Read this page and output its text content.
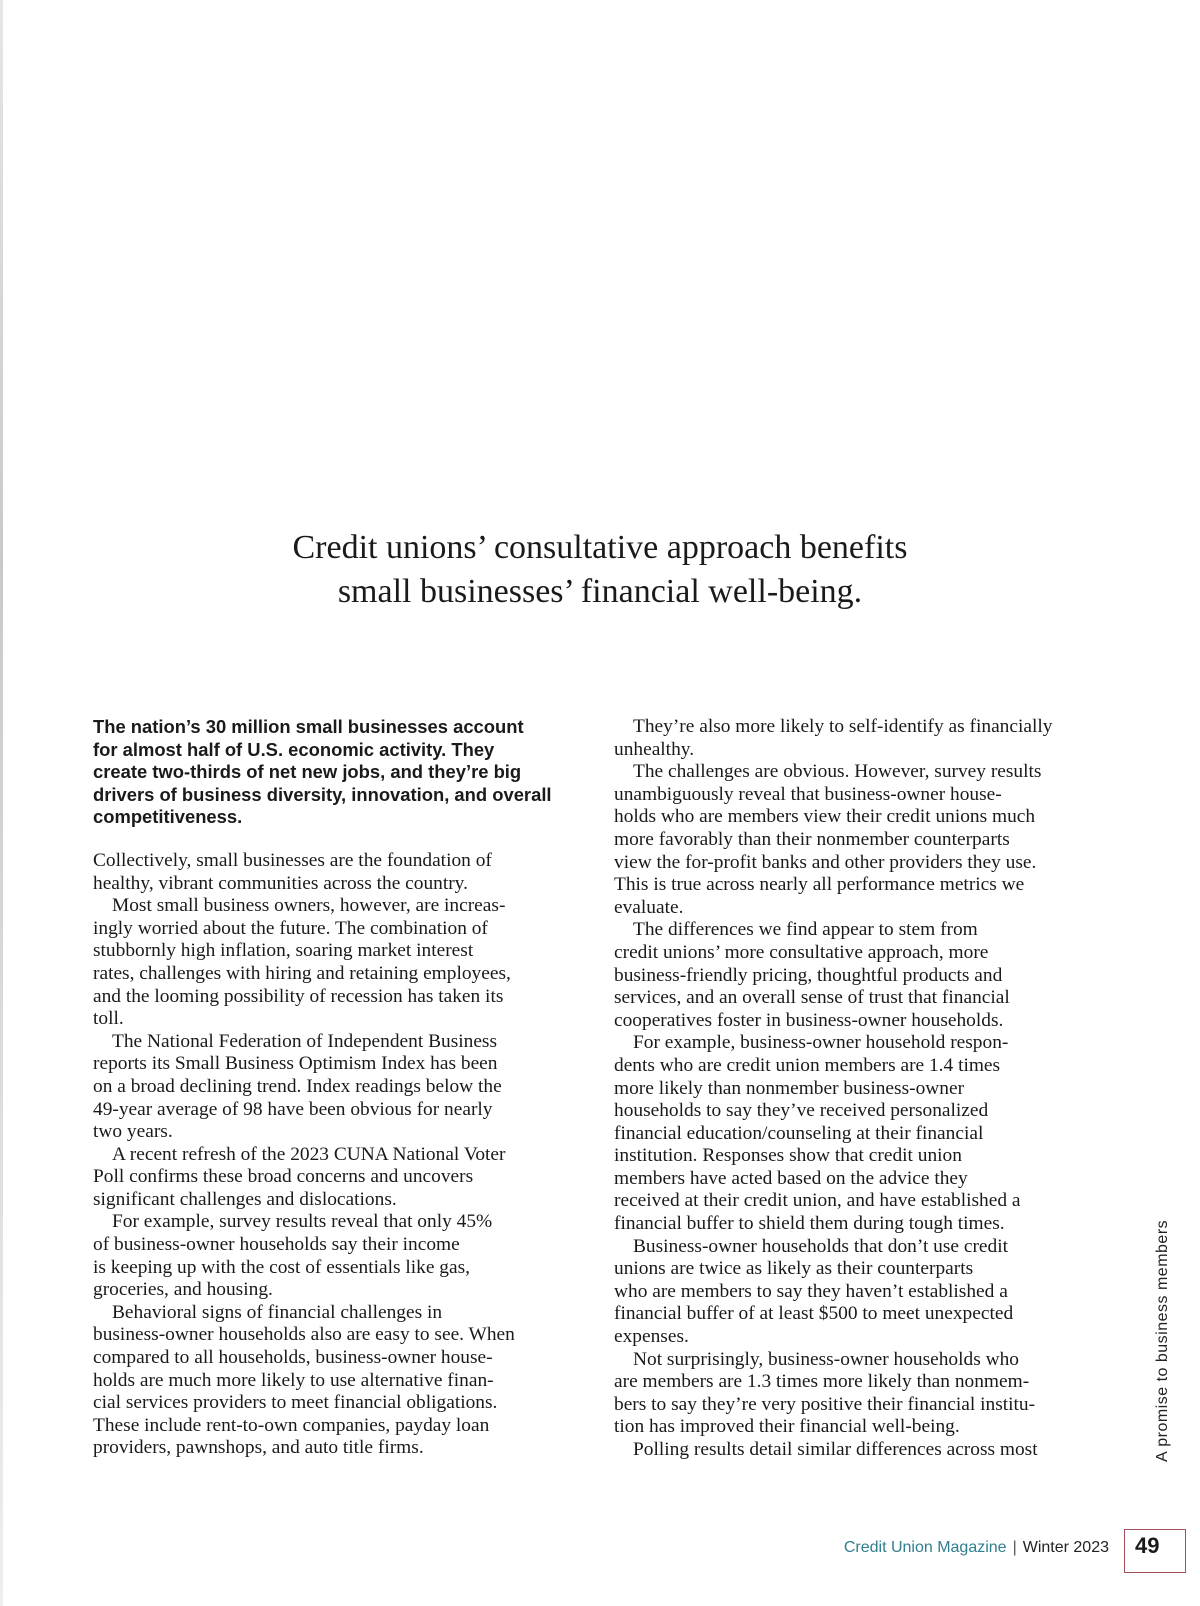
Credit unions’ consultative approach benefits
small businesses’ financial well-being.
The nation’s 30 million small businesses account
for almost half of U.S. economic activity. They
create two-thirds of net new jobs, and they’re big
drivers of business diversity, innovation, and overall
competitiveness.

Collectively, small businesses are the foundation of
healthy, vibrant communities across the country.

Most small business owners, however, are increas-
ingly worried about the future. The combination of
stubbornly high inflation, soaring market interest
rates, challenges with hiring and retaining employees,
and the looming possibility of recession has taken its
toll.

The National Federation of Independent Business
reports its Small Business Optimism Index has been
on a broad declining trend. Index readings below the
49-year average of 98 have been obvious for nearly
two years.

A recent refresh of the 2023 CUNA National Voter
Poll confirms these broad concerns and uncovers
significant challenges and dislocations.

For example, survey results reveal that only 45%
of business-owner households say their income
is keeping up with the cost of essentials like gas,
groceries, and housing.

Behavioral signs of financial challenges in
business-owner households also are easy to see. When
compared to all households, business-owner house-
holds are much more likely to use alternative finan-
cial services providers to meet financial obligations.
These include rent-to-own companies, payday loan
providers, pawnshops, and auto title firms.

They’re also more likely to self-identify as financially
unhealthy.

The challenges are obvious. However, survey results
unambiguously reveal that business-owner house-
holds who are members view their credit unions much
more favorably than their nonmember counterparts
view the for-profit banks and other providers they use.
This is true across nearly all performance metrics we
evaluate.

The differences we find appear to stem from
credit unions’ more consultative approach, more
business-friendly pricing, thoughtful products and
services, and an overall sense of trust that financial
cooperatives foster in business-owner households.

For example, business-owner household respon-
dents who are credit union members are 1.4 times
more likely than nonmember business-owner
households to say they’ve received personalized
financial education/counseling at their financial
institution. Responses show that credit union
members have acted based on the advice they
received at their credit union, and have established a
financial buffer to shield them during tough times.

Business-owner households that don’t use credit
unions are twice as likely as their counterparts
who are members to say they haven’t established a
financial buffer of at least $500 to meet unexpected
expenses.

Not surprisingly, business-owner households who
are members are 1.3 times more likely than nonmem-
bers to say they’re very positive their financial institu-
tion has improved their financial well-being.

Polling results detail similar differences across most	A promise to business members
Credit Union Magazine | Winter 2023	49
